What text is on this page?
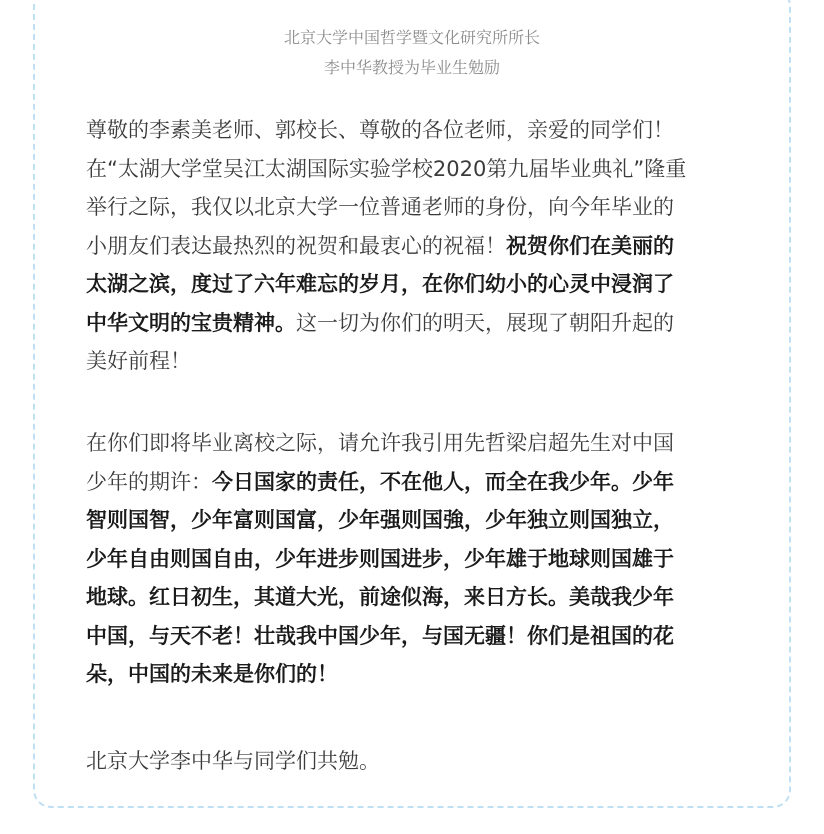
北京大学中国哲学暨文化研究所所长
李中华教授为毕业生勉励
尊敬的李素美老师、郭校长、尊敬的各位老师，亲爱的同学们！
在“太湖大学堂吴江太湖国际实验学校2020第九届毕业典礼”隆重
举行之际，我仅以北京大学一位普通老师的身份，向今年毕业的
小朋友们表达最热烈的祝贺和最衷心的祝福！祝贺你们在美丽的
太湖之滨，度过了六年难忘的岁月，在你们幼小的心灵中浸润了
中华文明的宝贵精神。这一切为你们的明天，展现了朝阳升起的
美好前程！
在你们即将毕业离校之际，请允许我引用先哲梁启超先生对中国
少年的期许：今日国家的责任，不在他人，而全在我少年。少年
智则国智，少年富则国富，少年强则国強，少年独立则国独立，
少年自由则国自由，少年进步则国进步，少年雄于地球则国雄于
地球。红日初生，其道大光，前途似海，来日方长。美哉我少年
中国，与天不老！壮哉我中国少年，与国无疆！你们是祖国的花
朵，中国的未来是你们的！
北京大学李中华与同学们共勉。
